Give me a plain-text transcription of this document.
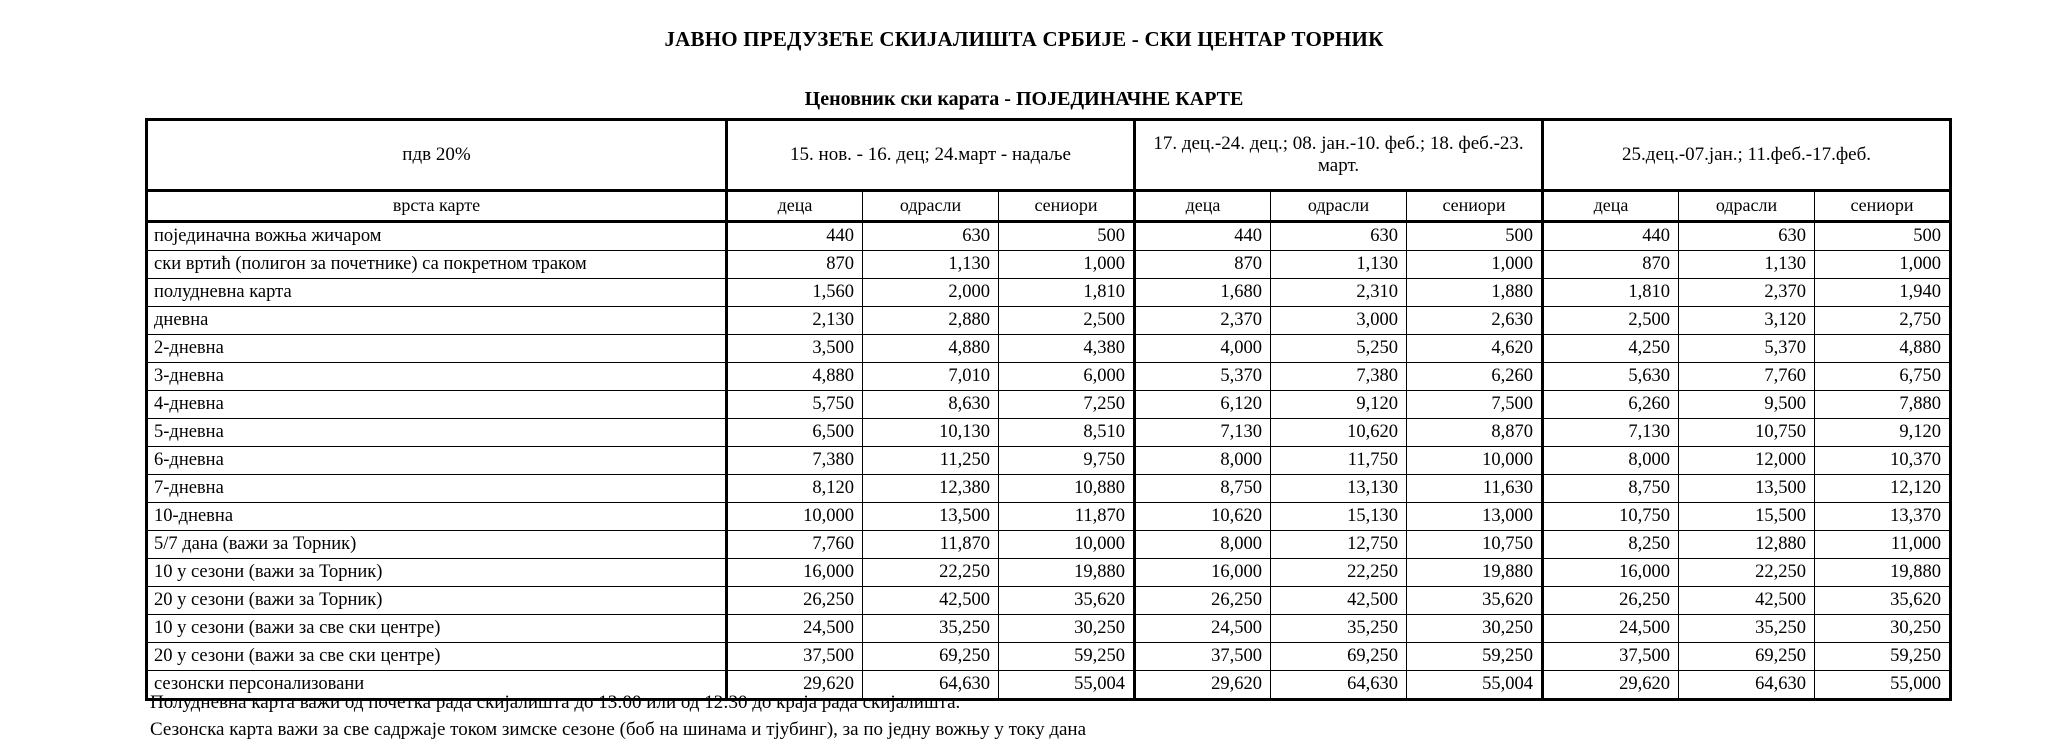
ЈАВНО ПРЕДУЗЕЋЕ СКИЈАЛИШТА СРБИЈЕ - СКИ ЦЕНТАР ТОРНИК
Ценовник ски карата - ПОЈЕДИНАЧНЕ КАРТЕ
пдв 20%	15. нов. - 16. дец; 24.март - надаље			17. дец.-24. дец.; 08. јан.-10. феб.; 18. феб.-23. март.			25.дец.-07.јан.; 11.феб.-17.феб.		
врста карте	деца	одрасли	сениори	деца	одрасли	сениори	деца	одрасли	сениори
појединачна вожња жичаром	440	630	500	440	630	500	440	630	500
ски вртић (полигон за почетнике) са покретном траком	870	1,130	1,000	870	1,130	1,000	870	1,130	1,000
полудневна карта	1,560	2,000	1,810	1,680	2,310	1,880	1,810	2,370	1,940
дневна	2,130	2,880	2,500	2,370	3,000	2,630	2,500	3,120	2,750
2-дневна	3,500	4,880	4,380	4,000	5,250	4,620	4,250	5,370	4,880
3-дневна	4,880	7,010	6,000	5,370	7,380	6,260	5,630	7,760	6,750
4-дневна	5,750	8,630	7,250	6,120	9,120	7,500	6,260	9,500	7,880
5-дневна	6,500	10,130	8,510	7,130	10,620	8,870	7,130	10,750	9,120
6-дневна	7,380	11,250	9,750	8,000	11,750	10,000	8,000	12,000	10,370
7-дневна	8,120	12,380	10,880	8,750	13,130	11,630	8,750	13,500	12,120
10-дневна	10,000	13,500	11,870	10,620	15,130	13,000	10,750	15,500	13,370
5/7 дана (важи за Торник)	7,760	11,870	10,000	8,000	12,750	10,750	8,250	12,880	11,000
10 у сезони (важи за Торник)	16,000	22,250	19,880	16,000	22,250	19,880	16,000	22,250	19,880
20 у сезони (важи за Торник)	26,250	42,500	35,620	26,250	42,500	35,620	26,250	42,500	35,620
10 у сезони (важи за све ски центре)	24,500	35,250	30,250	24,500	35,250	30,250	24,500	35,250	30,250
20 у сезони (важи за све ски центре)	37,500	69,250	59,250	37,500	69,250	59,250	37,500	69,250	59,250
сезонски персонализовани	29,620	64,630	55,004	29,620	64,630	55,004	29,620	64,630	55,000
Полудневна карта важи од почетка рада скијалишта до 13:00 или од 12:30 до краја рада скијалишта.
Сезонска карта важи за све садржаје током зимске сезоне (боб на шинама и тјубинг), за по једну вожњу у току дана
